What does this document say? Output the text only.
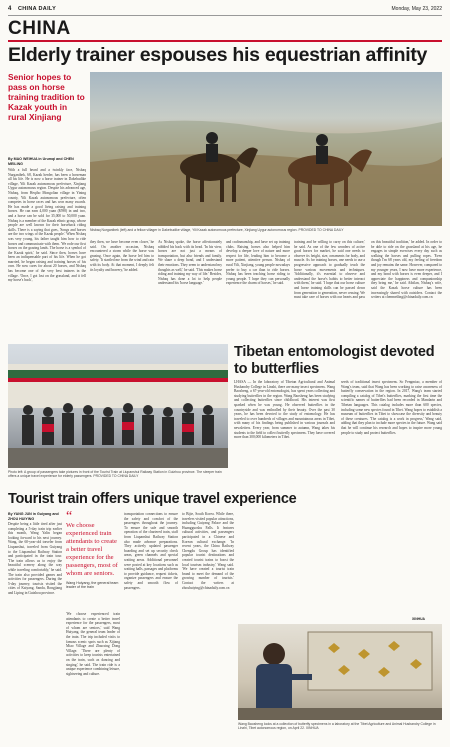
4 CHINA DAILY	Monday, May 23, 2022
CHINA
Elderly trainer espouses his equestrian affinity
Senior hopes to pass on horse training tradition to Kazak youth in rural Xinjiang
By MAO WEIHUA in Urumqi and CHEN MEILING
With a full beard and a twinkly face, Nisbaq Nurganibek, 68, Kazak herder, has been a horseman all his life. He is now a horse trainer in Dakebudike village, Yili Kazak autonomous prefecture, Xinjiang Uygur autonomous region. Despite his advanced age, Nisbaq, from Heqiho Mongolian village in Yining county, Yili Kazak autonomous prefecture, often competes in horse races and has won many awards. He has made a good living raising and training horses. He can earn 4,000 yuan ($598) in and two, and a horse can be sold for 35,000 to 50,000 yuan. Nisbaq is a member of the Kazak ethnic group, whose people are well known for their horseback riding skills. There is a saying that goes, 'Songs and horses are the two wings of the Kazak people.' When Nisbaq was very young, his father taught him how to ride horses and communicate with them. 'We rode our first horses on the grazing lands. The horse is a symbol of the Kazak spirit,' he said. Since then, horses have been an indispensable part of his life. When he got married, he began raising and training horses of his own. He now cares for about 20 horses, and Nisbaq has become one of the very best trainers in the village. 'Once, I got lost on the grassland, and it fell my horse's back',
Nisbaq Nurganibek (left) and a fellow villager in Dakebudike village, Yili Kazak autonomous prefecture, Xinjiang Uygur autonomous region. PROVIDED TO CHINA DAILY
they then, we have become even closer,' he said. On another occasion, Nisbaq encountered a storm while the horse was grazing. Once again, the horse led him to safety. 'It startled me from the wind and rain with its body. At that moment, I deeply felt its loyalty and bravery,' he added.
As Nisbaq spoke, the horse affectionately nibbled his back with its head. 'In his view, horses are not just a means of transportation, but also friends and family. We share a deep bond, and I understand their emotions. They seem to understand my thoughts as well,' he said. 'This makes horse riding and training my way of life.' Besides, Nisbaq has done a lot to help people understand his 'horse language.'
and craftsmanship, and have set up training clubs. Raising horses also helped him develop a deeper love of nature and more respect for life, leading him to become a more patient, attentive person. Nisbaq of rural Yili, Xinjiang, young people nowadays prefer to buy a car than to ride horses. Nisbaq has been teaching horse riding to young people. 'I hope they can personally experience the charm of horses,' he said.
training and be willing to carry on this culture,' he said. As one of the few wonders of active good horses for market, he said one needs to observe its height, size, ornaments for body, and muscle. As for training horses, one needs to use a progressive approach to gradually teach the horse various movements and techniques. 'Additionally, it's essential to observe and understand the horse's habits to better interact with them,' he said. 'I hope that our horse culture and horse training skills can be passed down from generation to generation, never ceasing. We must take care of horses with our hearts and pass on this beautiful tradition,' he added. In order to be able to ride on the grassland at his age, he engages in simple exercises every day such as walking the horses and pulling ropes. 'Even though I'm 68 years old, my feeling of freedom and joy remains the same. However, compared to my younger years, I now have more experience, and my bond with horses is even deeper, and I appreciate the happiness and companionship they bring me,' he said. Aibilan, Nisbaq's wife, said the Kazak horse culture has been increasingly shared with outsiders. Contact the writers at chenmeiling@chinadaily.com.cn
Photo left: A group of passengers take pictures in front of the Tourist Train at Liupanshui Railway Station in Guizhou province. The sleeper train offers a unique travel experience for elderly passengers. PROVIDED TO CHINA DAILY
Tibetan entomologist devoted to butterflies
LHASA — In the laboratory of Tibetan Agricultural and Animal Husbandry College in Linzhi, there are many insect specimens. Wang Baosheng, a 67-year-old entomologist, has spent years collecting and studying butterflies in the region. Wang Baosheng has been studying and collecting butterflies since childhood. His interest was first sparked when he was young. He observed butterflies in the countryside and was enthralled by their beauty. Over the past 30 years, he has been devoted to the study of entomology. He has traveled to over hundreds of villages and mountainous areas in Tibet, with many of his findings being published in various journals and newsletters. Every year, from summer to autumn, Wang takes his students to the field to collect butterfly specimens. They have covered more than 300,000 kilometers in Tibet.
seeds of traditional insect specimens. So Fengmiao, a member of Wang's team, said that Wang has been working to raise awareness of butterfly conservation in the region. In 2017, Wang's team started compiling a catalog of Tibet's butterflies, marking the first time the scientific names of butterflies had been recorded in Mandarin and Tibetan languages. This catalog includes more than 600 species, including some new species found in Tibet. Wang hopes to establish a museum of butterflies in Tibet to showcase the diversity and beauty of these creatures. 'The catalog is a work in progress,' Wang said, adding that they plan to include more species in the future. Wang said that he will continue his research and hopes to inspire more young people to study and protect butterflies.
XINHUA
Tourist train offers unique travel experience
By YANG JUN in Guiyang and ZHOU HUIYING
Despite being a little tired after just completing a 5-day train trip earlier this month, Wang Yalin began looking forward to his next journey. Wang, the 60-year-old traveler from Liupanshui, traveled from Guiyang to the Liupanshui Railway Station and participated in the train tour. 'The train allows us to enjoy the beautiful scenery along the way while traveling comfortably,' he said. The train also provided games and activities for passengers. During the 5-day journey, tourists visited the cities of Kaiyang, Sandu, Rongjiang and Liping in Guizhou province.
“
We choose experienced train attendants to create a better travel experience for the passengers, most of whom are seniors.
Wang Huiyang, the general team leader of the train
'We choose experienced train attendants to create a better travel experience for the passengers, most of whom are seniors,' said Wang Huiyang, the general team leader of the train. The trip included visits to famous scenic spots such as Xijiang Miao Village and Zhaoxing Dong Village. 'There are plenty of activities to keep tourists entertained on the train, such as dancing and singing,' he said. The train ride is a unique experience combining leisure, sightseeing and culture.
transportation connections to ensure the safety and comfort of the passengers throughout the journey. To ensure the safe and smooth operation of the chartered train, staff from Liupanshui Railway Station also made advance preparations. They actively updated passenger boarding and set up security check areas, green channels and special waiting areas. Additional personnel were posted at key locations such as waiting halls, passages and platforms to provide guidance, request tickets, organize passengers and ensure the safety and smooth flow of passengers.
to Bijie, South Korea. While there, travelers visited popular attractions, including Guiyang Palace and the Huangguoshu Falls. It features cultural activities, and passengers participated in a Chinese and Korean cultural exchange. 'In recent years, the China Railway Chengdu Group has identified popular tourist destinations and created tourist trains to boost the local tourism industry,' Wang said. 'We have created a tourist train brand to meet the demand of the growing number of tourists.' Contact the writers at zhouhuiying@chinadaily.com.cn
Wang Baosheng looks at a collection of butterfly specimens in a laboratory at the Tibet Agriculture and Animal Husbandry College in Linzhi, Tibet autonomous region, on April 22. XINHUA
